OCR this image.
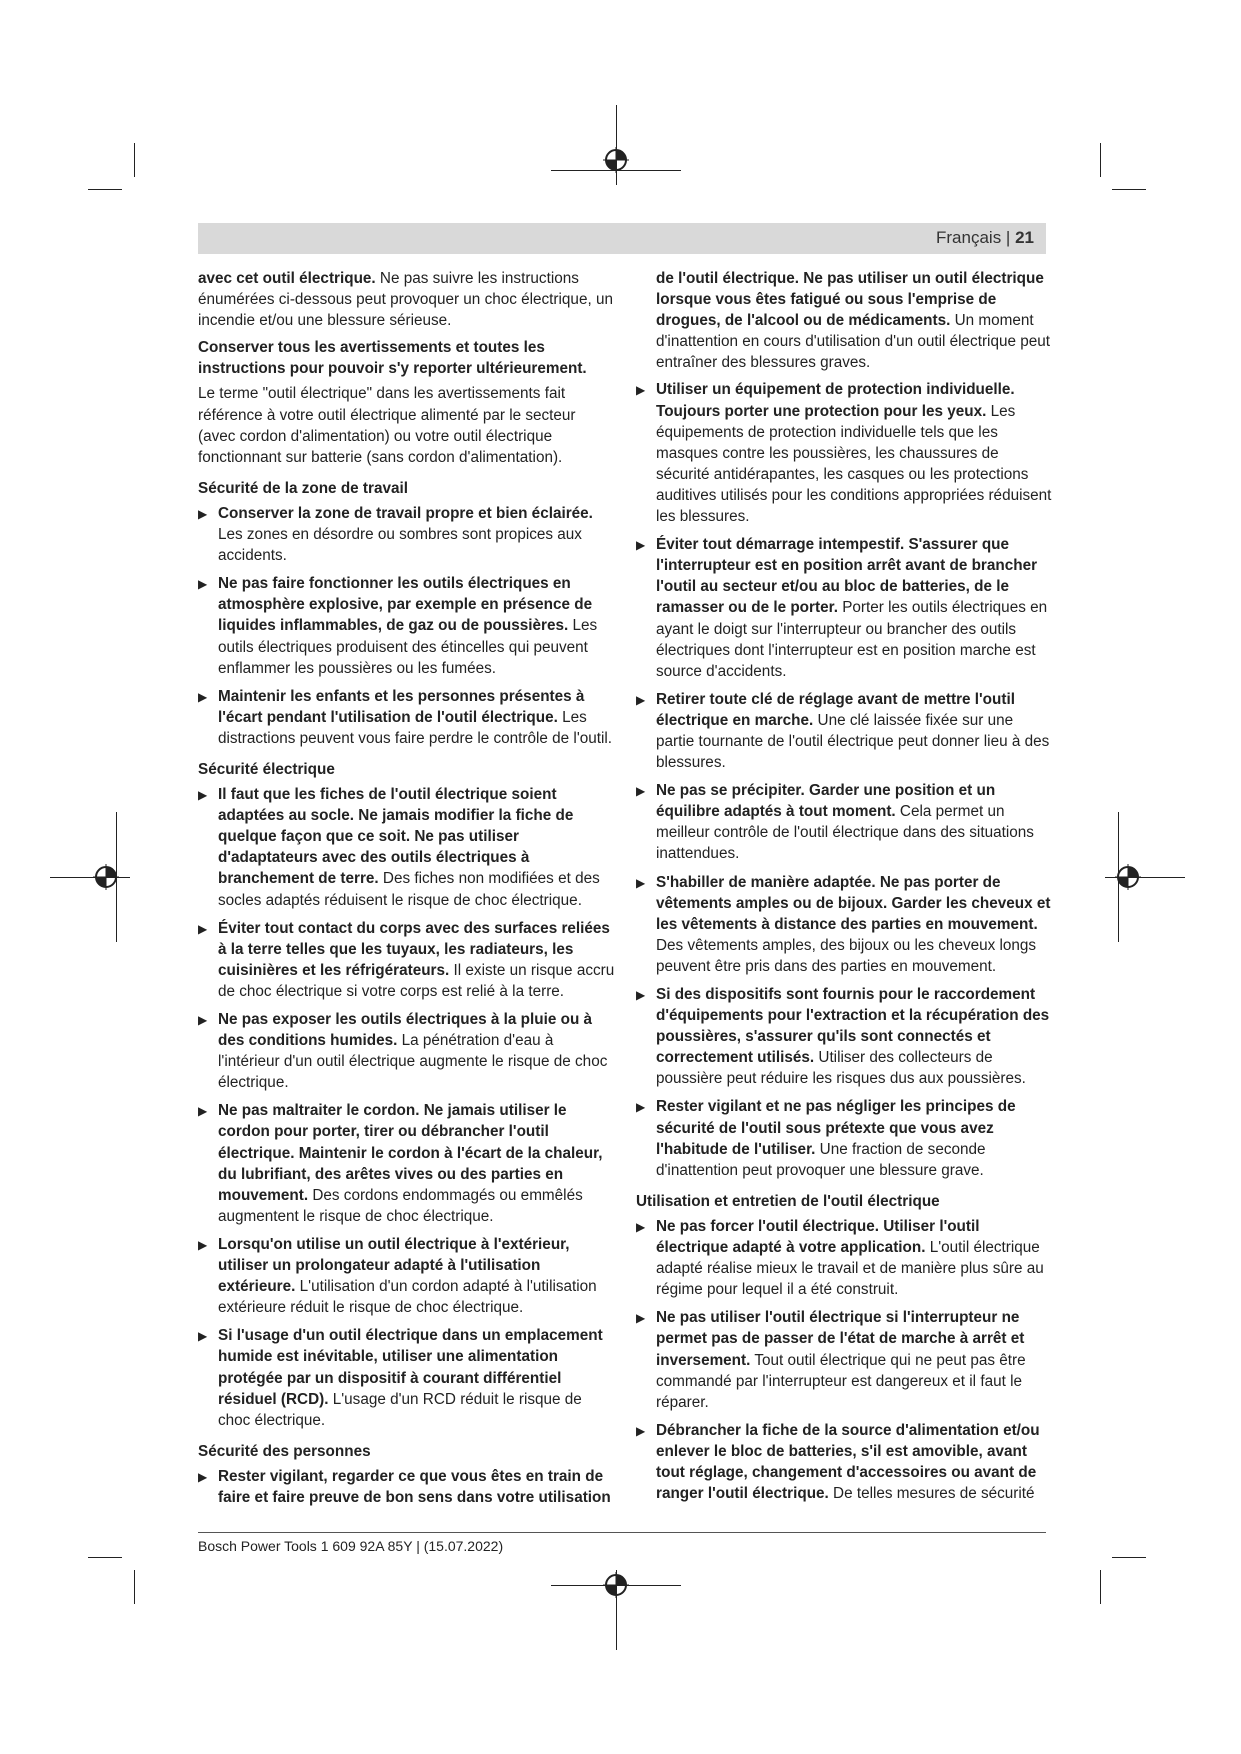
Français | 21

avec cet outil électrique. Ne pas suivre les instructions énumérées ci-dessous peut provoquer un choc électrique, un incendie et/ou une blessure sérieuse.

Conserver tous les avertissements et toutes les instructions pour pouvoir s'y reporter ultérieurement.

Le terme "outil électrique" dans les avertissements fait référence à votre outil électrique alimenté par le secteur (avec cordon d'alimentation) ou votre outil électrique fonctionnant sur batterie (sans cordon d'alimentation).

Sécurité de la zone de travail
▶ Conserver la zone de travail propre et bien éclairée. Les zones en désordre ou sombres sont propices aux accidents.
▶ Ne pas faire fonctionner les outils électriques en atmosphère explosive, par exemple en présence de liquides inflammables, de gaz ou de poussières. Les outils électriques produisent des étincelles qui peuvent enflammer les poussières ou les fumées.
▶ Maintenir les enfants et les personnes présentes à l'écart pendant l'utilisation de l'outil électrique. Les distractions peuvent vous faire perdre le contrôle de l'outil.
Sécurité électrique
▶ Il faut que les fiches de l'outil électrique soient adaptées au socle. Ne jamais modifier la fiche de quelque façon que ce soit. Ne pas utiliser d'adaptateurs avec des outils électriques à branchement de terre. Des fiches non modifiées et des socles adaptés réduisent le risque de choc électrique.
▶ Éviter tout contact du corps avec des surfaces reliées à la terre telles que les tuyaux, les radiateurs, les cuisinières et les réfrigérateurs. Il existe un risque accru de choc électrique si votre corps est relié à la terre.
▶ Ne pas exposer les outils électriques à la pluie ou à des conditions humides. La pénétration d'eau à l'intérieur d'un outil électrique augmente le risque de choc électrique.
▶ Ne pas maltraiter le cordon. Ne jamais utiliser le cordon pour porter, tirer ou débrancher l'outil électrique. Maintenir le cordon à l'écart de la chaleur, du lubrifiant, des arêtes vives ou des parties en mouvement. Des cordons endommagés ou emmêlés augmentent le risque de choc électrique.
▶ Lorsqu'on utilise un outil électrique à l'extérieur, utiliser un prolongateur adapté à l'utilisation extérieure. L'utilisation d'un cordon adapté à l'utilisation extérieure réduit le risque de choc électrique.
▶ Si l'usage d'un outil électrique dans un emplacement humide est inévitable, utiliser une alimentation protégée par un dispositif à courant différentiel résiduel (RCD). L'usage d'un RCD réduit le risque de choc électrique.
Sécurité des personnes
▶ Rester vigilant, regarder ce que vous êtes en train de faire et faire preuve de bon sens dans votre utilisation

de l'outil électrique. Ne pas utiliser un outil électrique lorsque vous êtes fatigué ou sous l'emprise de drogues, de l'alcool ou de médicaments. Un moment d'inattention en cours d'utilisation d'un outil électrique peut entraîner des blessures graves.

▶ Utiliser un équipement de protection individuelle. Toujours porter une protection pour les yeux. Les équipements de protection individuelle tels que les masques contre les poussières, les chaussures de sécurité antidérapantes, les casques ou les protections auditives utilisés pour les conditions appropriées réduisent les blessures.
▶ Éviter tout démarrage intempestif. S'assurer que l'interrupteur est en position arrêt avant de brancher l'outil au secteur et/ou au bloc de batteries, de le ramasser ou de le porter. Porter les outils électriques en ayant le doigt sur l'interrupteur ou brancher des outils électriques dont l'interrupteur est en position marche est source d'accidents.
▶ Retirer toute clé de réglage avant de mettre l'outil électrique en marche. Une clé laissée fixée sur une partie tournante de l'outil électrique peut donner lieu à des blessures.
▶ Ne pas se précipiter. Garder une position et un équilibre adaptés à tout moment. Cela permet un meilleur contrôle de l'outil électrique dans des situations inattendues.
▶ S'habiller de manière adaptée. Ne pas porter de vêtements amples ou de bijoux. Garder les cheveux et les vêtements à distance des parties en mouvement. Des vêtements amples, des bijoux ou les cheveux longs peuvent être pris dans des parties en mouvement.
▶ Si des dispositifs sont fournis pour le raccordement d'équipements pour l'extraction et la récupération des poussières, s'assurer qu'ils sont connectés et correctement utilisés. Utiliser des collecteurs de poussière peut réduire les risques dus aux poussières.
▶ Rester vigilant et ne pas négliger les principes de sécurité de l'outil sous prétexte que vous avez l'habitude de l'utiliser. Une fraction de seconde d'inattention peut provoquer une blessure grave.
Utilisation et entretien de l'outil électrique
▶ Ne pas forcer l'outil électrique. Utiliser l'outil électrique adapté à votre application. L'outil électrique adapté réalise mieux le travail et de manière plus sûre au régime pour lequel il a été construit.
▶ Ne pas utiliser l'outil électrique si l'interrupteur ne permet pas de passer de l'état de marche à arrêt et inversement. Tout outil électrique qui ne peut pas être commandé par l'interrupteur est dangereux et il faut le réparer.
▶ Débrancher la fiche de la source d'alimentation et/ou enlever le bloc de batteries, s'il est amovible, avant tout réglage, changement d'accessoires ou avant de ranger l'outil électrique. De telles mesures de sécurité
Bosch Power Tools 1 609 92A 85Y | (15.07.2022)
